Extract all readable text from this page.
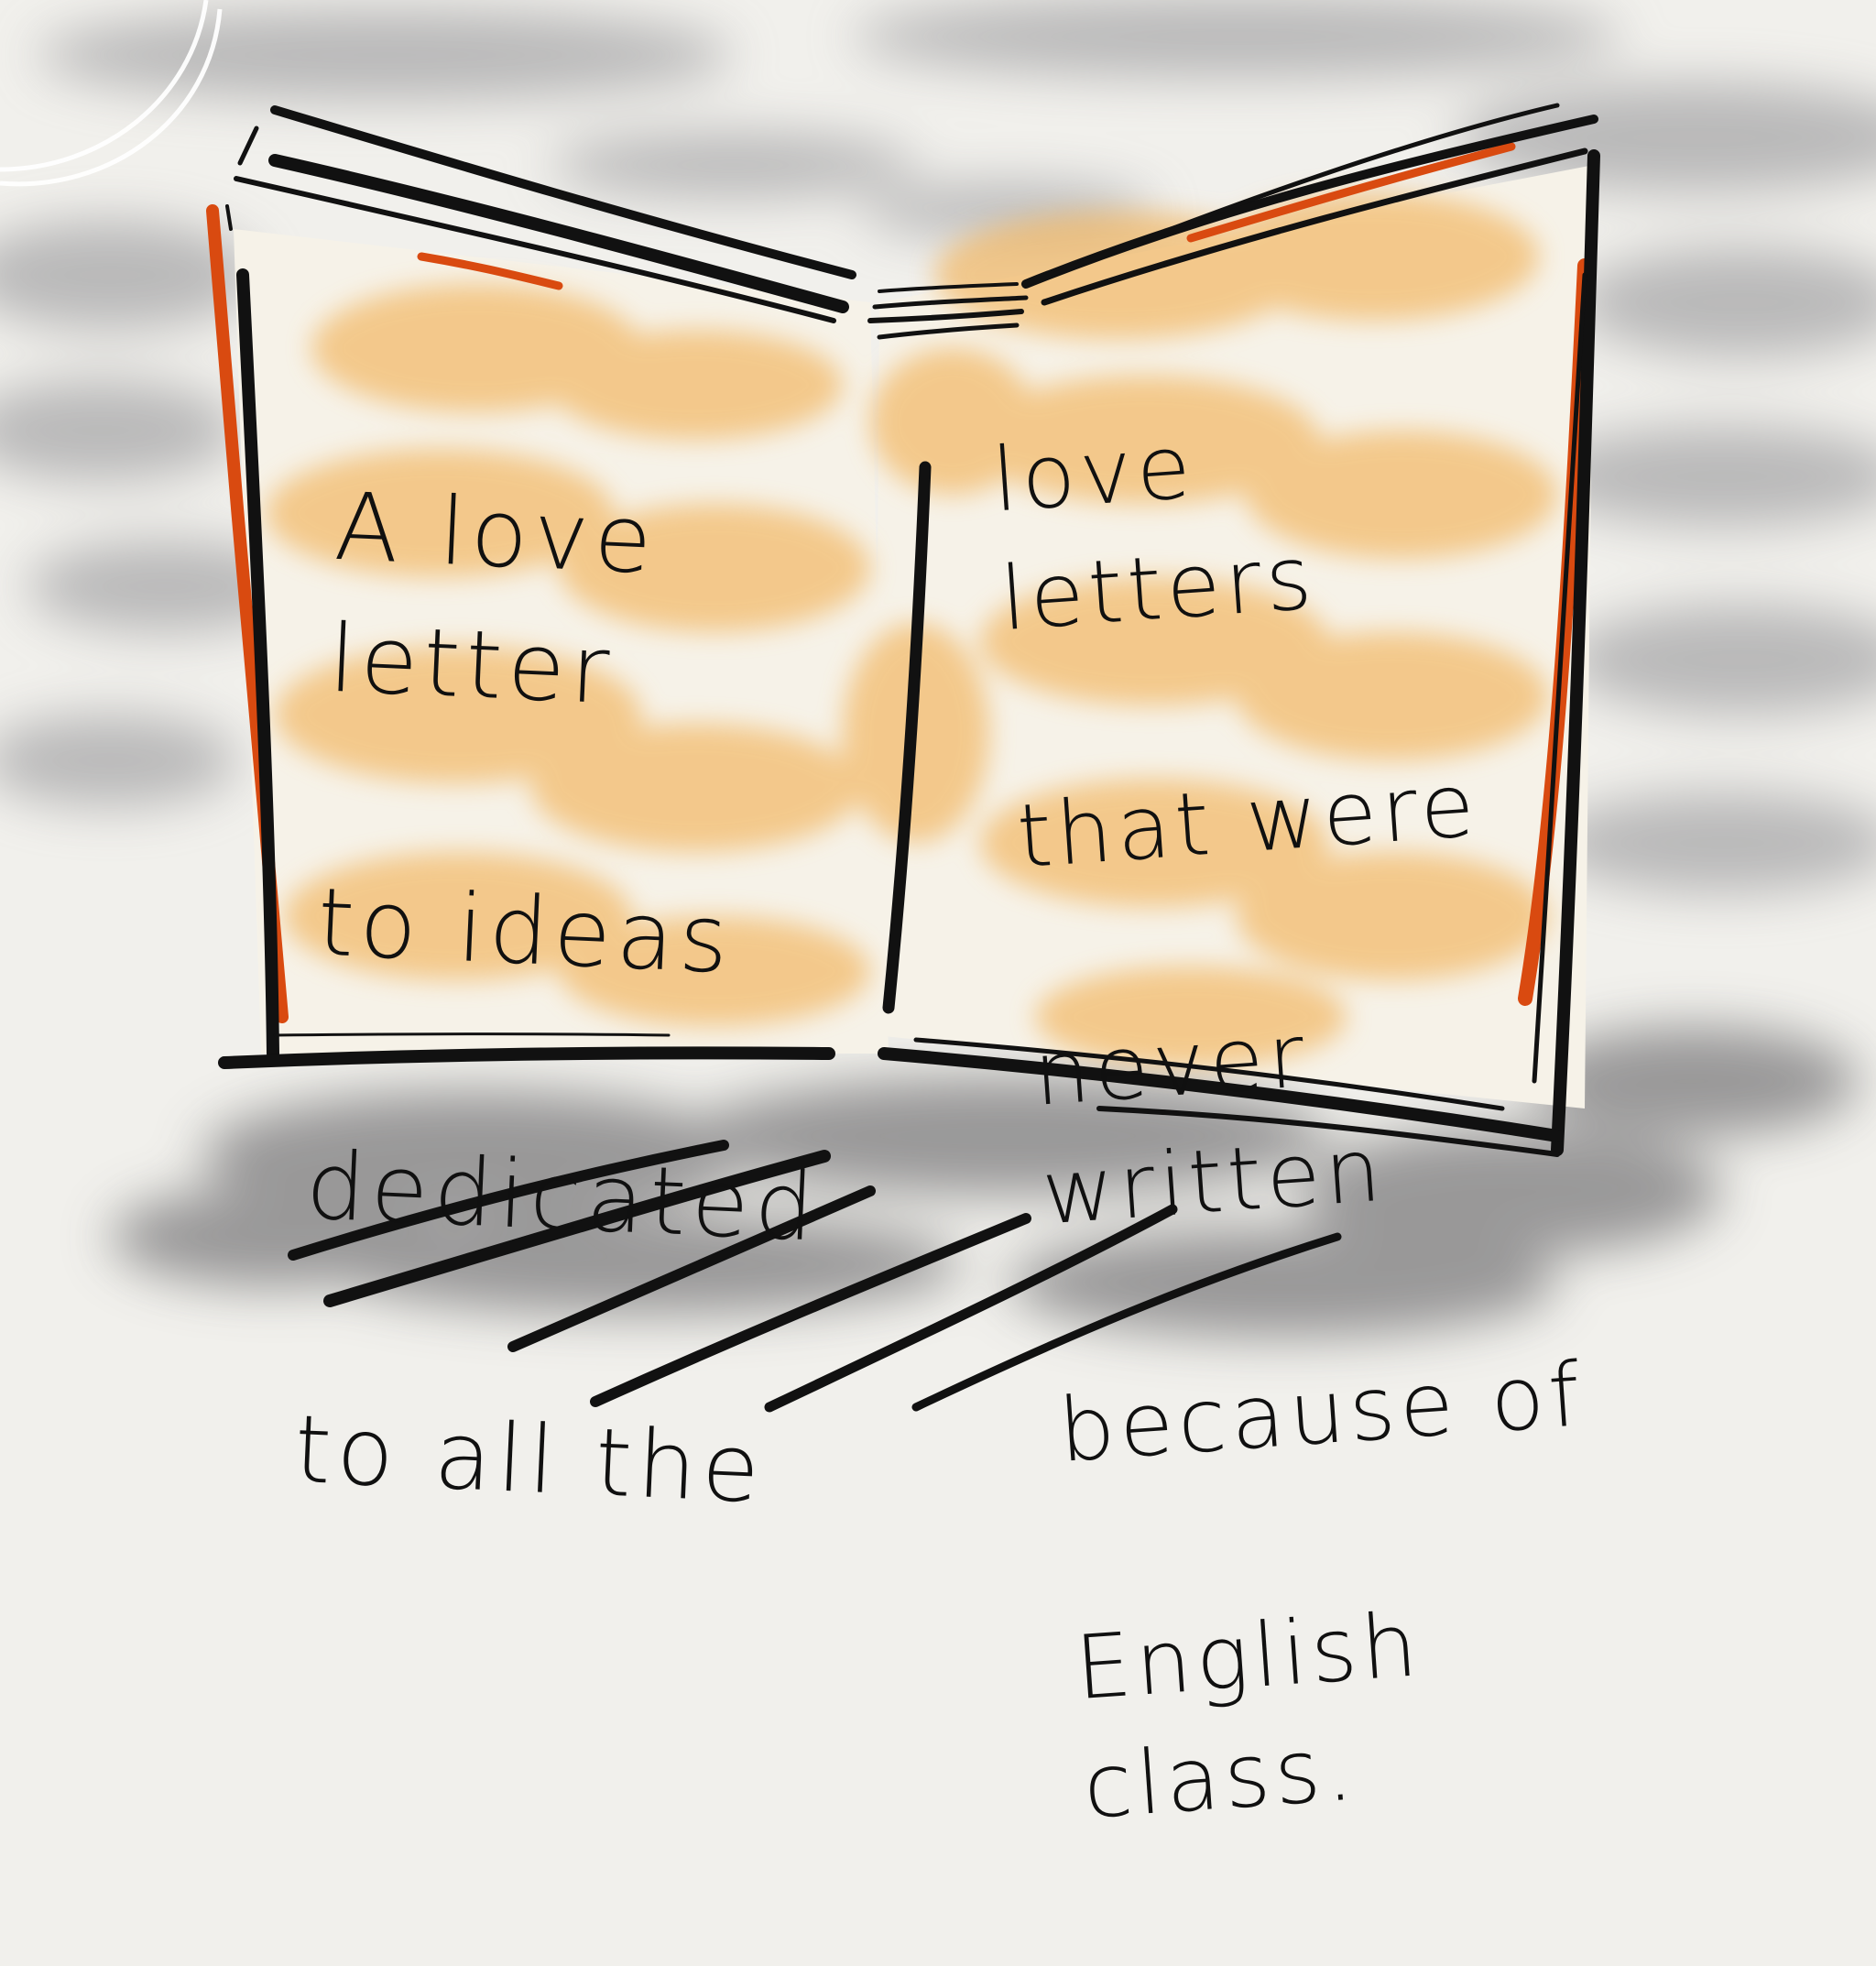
A love letter

to ideas

dedicated

to all the

love letters

that were

never written

because of

English class.
